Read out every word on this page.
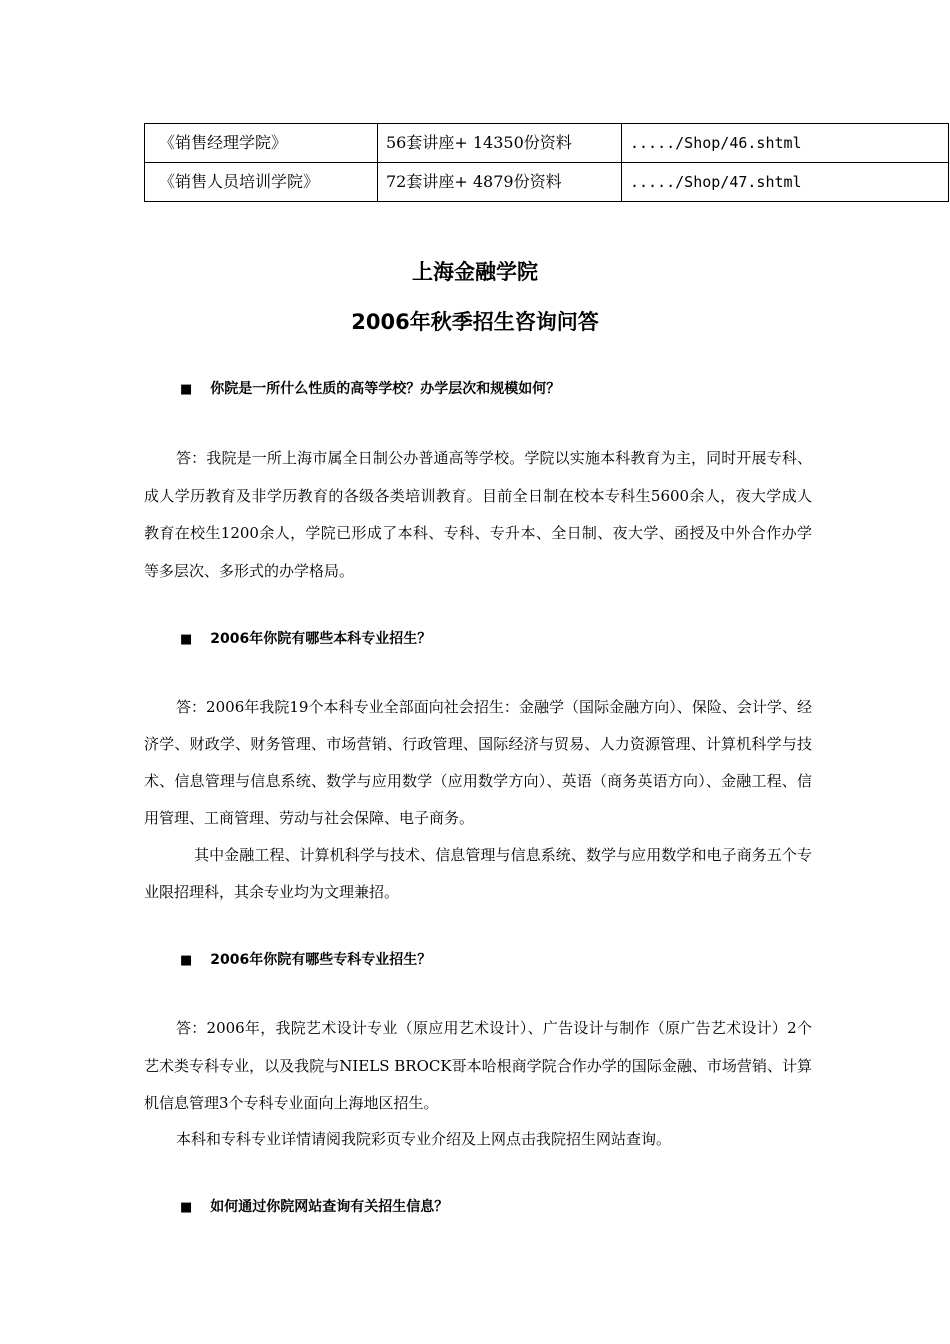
《销售经理学院》	56套讲座+ 14350份资料	...../Shop/46.shtml
《销售人员培训学院》	72套讲座+ 4879份资料	...../Shop/47.shtml
上海金融学院
2006年秋季招生咨询问答
■ 你院是一所什么性质的高等学校？办学层次和规模如何？
答：我院是一所上海市属全日制公办普通高等学校。学院以实施本科教育为主，同时开展专科、成人学历教育及非学历教育的各级各类培训教育。目前全日制在校本专科生5600余人，夜大学成人教育在校生1200余人，学院已形成了本科、专科、专升本、全日制、夜大学、函授及中外合作办学等多层次、多形式的办学格局。
■ 2006年你院有哪些本科专业招生？
答：2006年我院19个本科专业全部面向社会招生：金融学（国际金融方向）、保险、会计学、经济学、财政学、财务管理、市场营销、行政管理、国际经济与贸易、人力资源管理、计算机科学与技术、信息管理与信息系统、数学与应用数学（应用数学方向）、英语（商务英语方向）、金融工程、信用管理、工商管理、劳动与社会保障、电子商务。
其中金融工程、计算机科学与技术、信息管理与信息系统、数学与应用数学和电子商务五个专业限招理科，其余专业均为文理兼招。
■ 2006年你院有哪些专科专业招生？
答：2006年，我院艺术设计专业（原应用艺术设计）、广告设计与制作（原广告艺术设计）2个艺术类专科专业，以及我院与NIELS BROCK哥本哈根商学院合作办学的国际金融、市场营销、计算机信息管理3个专科专业面向上海地区招生。
本科和专科专业详情请阅我院彩页专业介绍及上网点击我院招生网站查询。
■ 如何通过你院网站查询有关招生信息？
